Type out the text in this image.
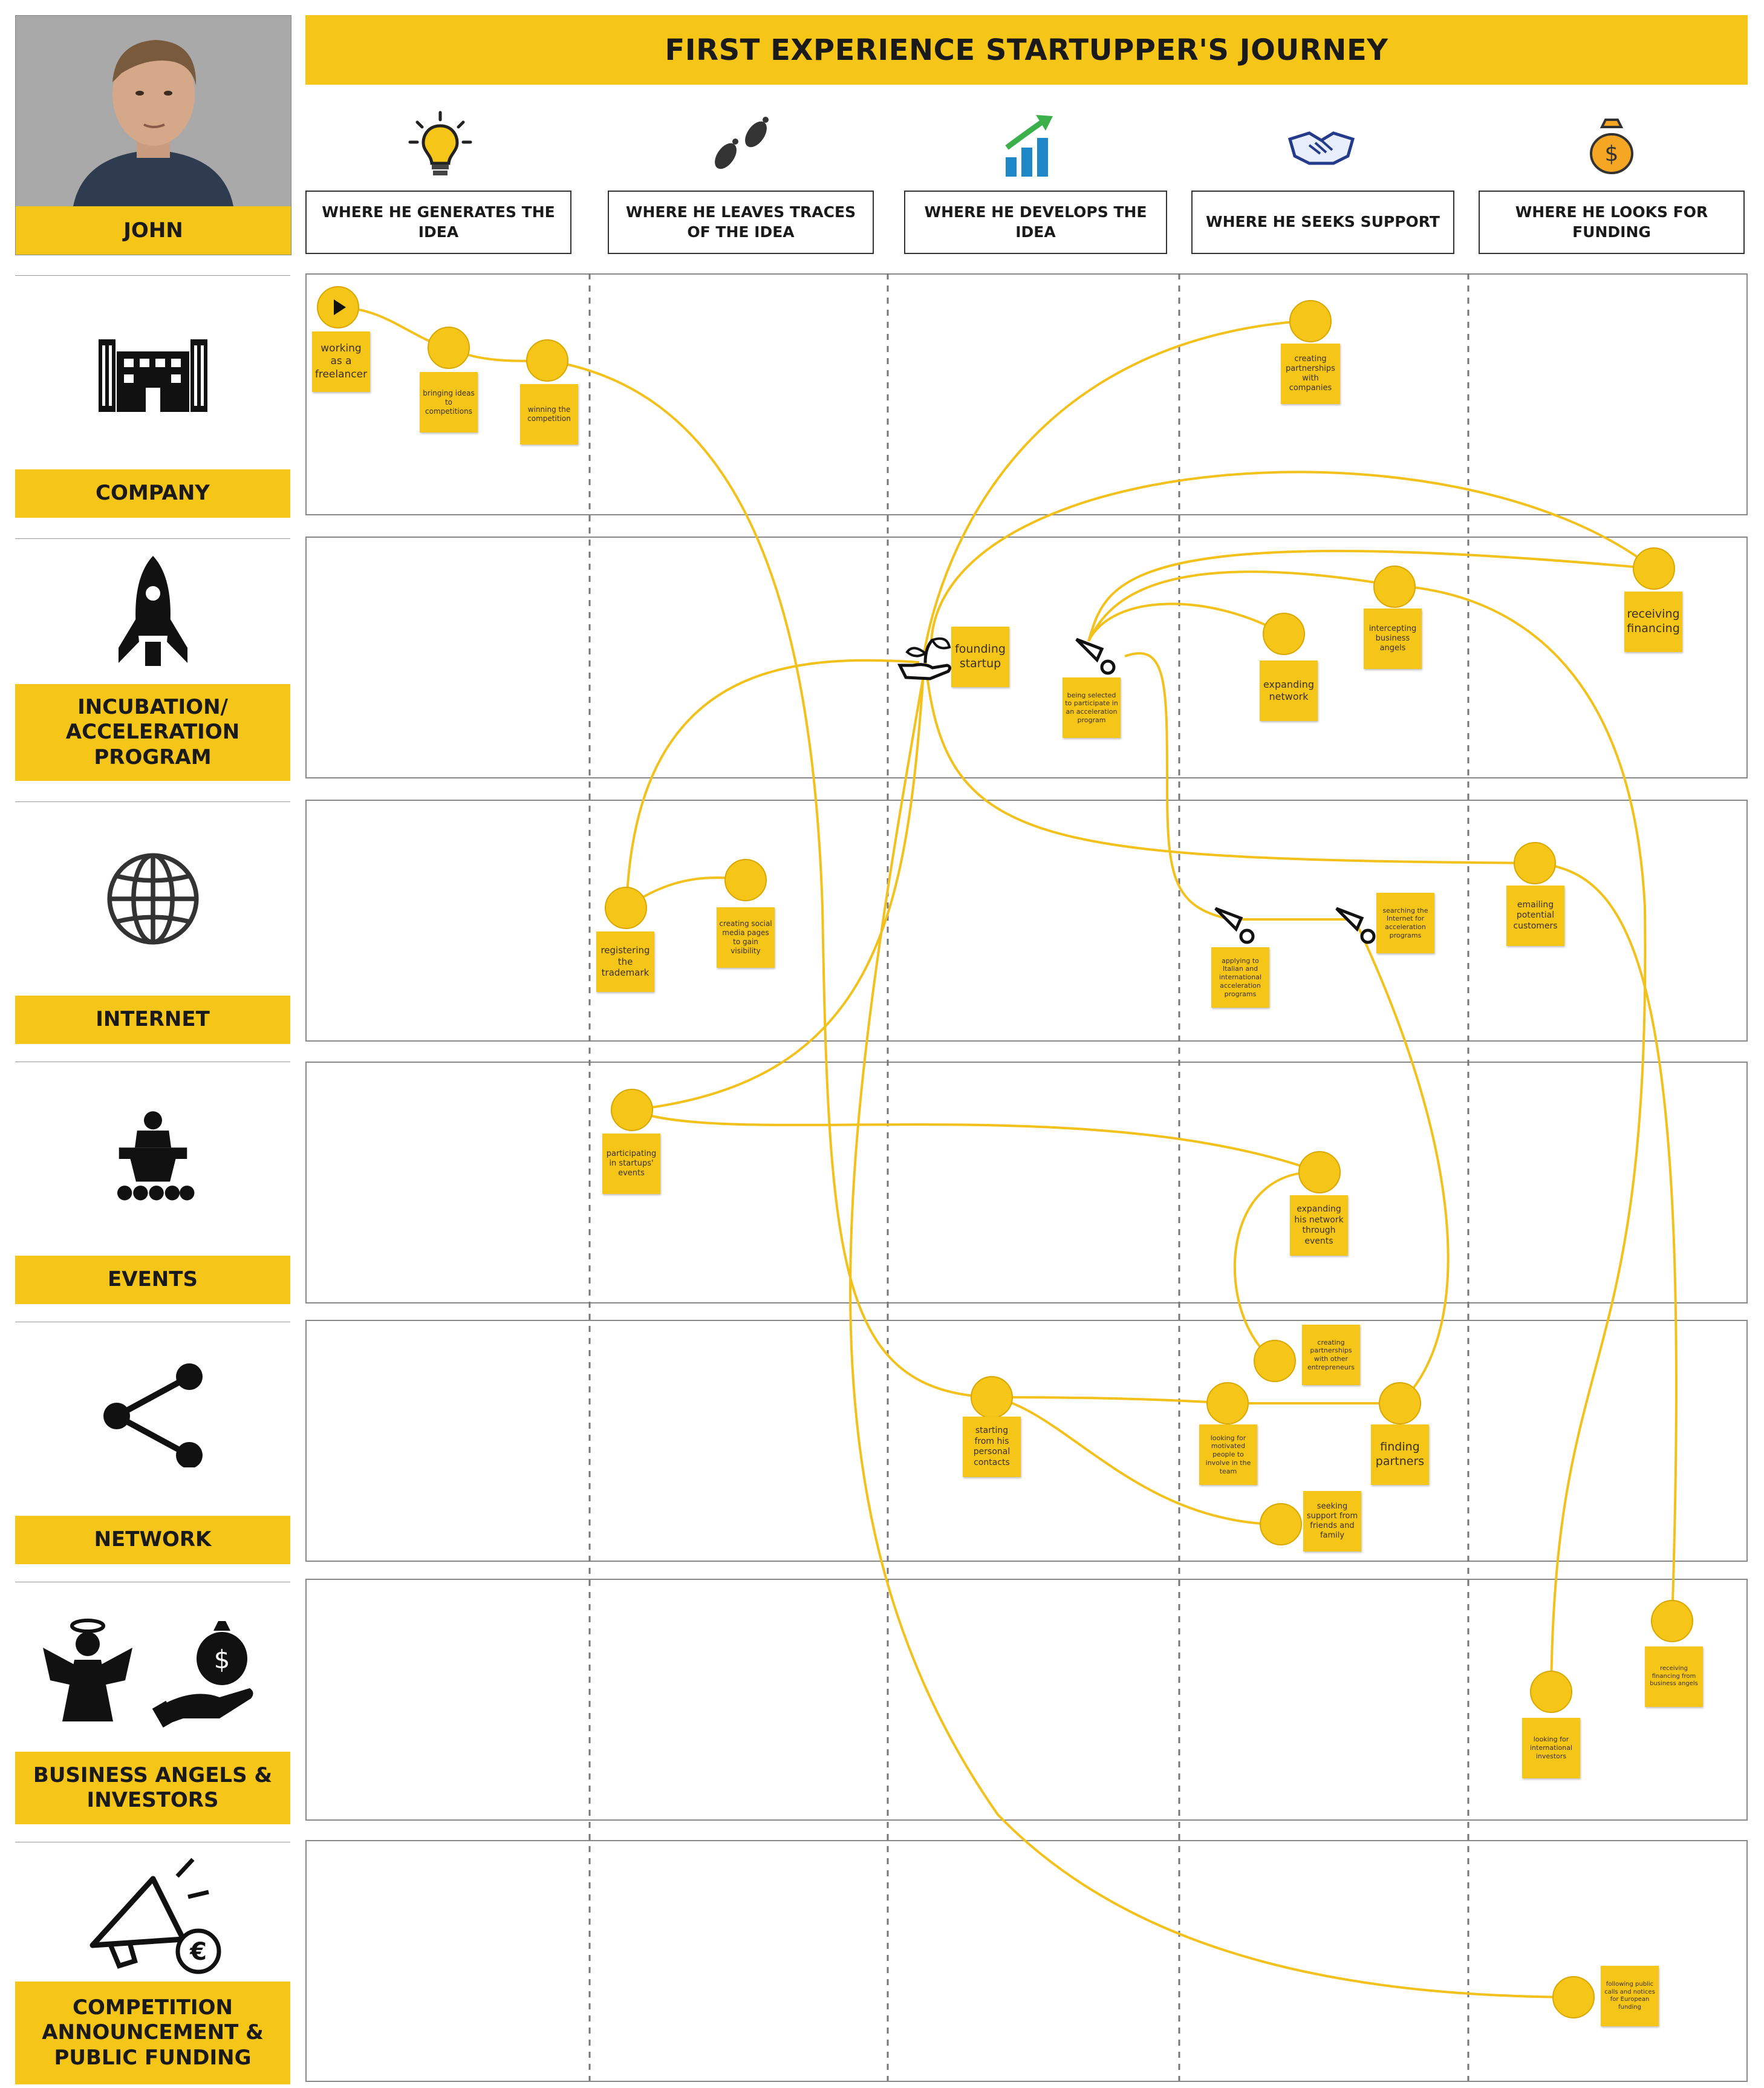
FIRST EXPERIENCE STARTUPPER'S JOURNEY
JOHN
$
WHERE HE GENERATES THE IDEA
WHERE HE LEAVES TRACES OF THE IDEA
WHERE HE DEVELOPS THE IDEA
WHERE HE SEEKS SUPPORT
WHERE HE LOOKS FOR FUNDING
COMPANY
INCUBATION/ ACCELERATION PROGRAM
INTERNET
EVENTS
NETWORK
$
BUSINESS ANGELS & INVESTORS
€
COMPETITION ANNOUNCEMENT & PUBLIC FUNDING
working as a freelancer
bringing ideas to competitions	winning the competition
creating partnerships with companies
founding startup
being selected to participate in an acceleration program
expanding network
intercepting business angels
receiving financing
registering the trademark
creating social media pages to gain visibility
applying to Italian and international acceleration programs
searching the Internet for acceleration programs
emailing potential customers
participating in startups' events
expanding his network through events
creating partnerships with other entrepreneurs
starting from his personal contacts
looking for motivated people to involve in the team
finding partners
seeking support from friends and family
receiving financing from business angels
looking for international investors
following public calls and notices for European funding
